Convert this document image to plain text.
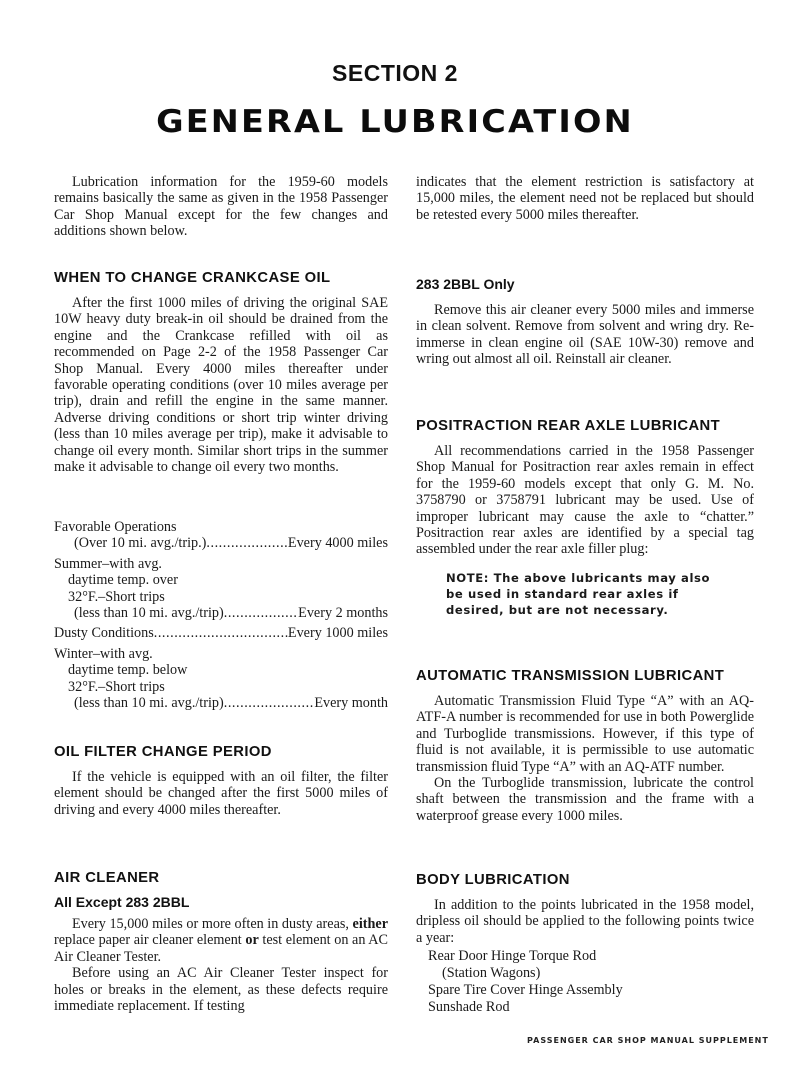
SECTION 2
GENERAL LUBRICATION

Lubrication information for the 1959-60 models remains basically the same as given in the 1958 Passenger Car Shop Manual except for the few changes and additions shown below.

WHEN TO CHANGE CRANKCASE OIL

After the first 1000 miles of driving the original SAE 10W heavy duty break-in oil should be drained from the engine and the Crankcase refilled with oil as recommended on Page 2-2 of the 1958 Passenger Car Shop Manual. Every 4000 miles thereafter under favorable operating conditions (over 10 miles average per trip), drain and refill the engine in the same manner. Adverse driving conditions or short trip winter driving (less than 10 miles average per trip), make it advisable to change oil every month. Similar short trips in the summer make it advisable to change oil every two months.

Favorable Operations
(Over 10 mi. avg./trip.) . . .	Every 4000 miles
Summer–with avg.
daytime temp. over
32°F.–Short trips
(less than 10 mi. avg./trip) . . .	Every 2 months
Dusty Conditions . . .	Every 1000 miles
Winter–with avg.
daytime temp. below
32°F.–Short trips
(less than 10 mi. avg./trip) . . .	Every month
OIL FILTER CHANGE PERIOD

If the vehicle is equipped with an oil filter, the filter element should be changed after the first 5000 miles of driving and every 4000 miles thereafter.

AIR CLEANER
All Except 283 2BBL

Every 15,000 miles or more often in dusty areas, either replace paper air cleaner element or test element on an AC Air Cleaner Tester.

Before using an AC Air Cleaner Tester inspect for holes or breaks in the element, as these defects require immediate replacement. If testing

indicates that the element restriction is satisfactory at 15,000 miles, the element need not be replaced but should be retested every 5000 miles thereafter.

283 2BBL Only

Remove this air cleaner every 5000 miles and immerse in clean solvent. Remove from solvent and wring dry. Re-immerse in clean engine oil (SAE 10W-30) remove and wring out almost all oil. Reinstall air cleaner.

POSITRACTION REAR AXLE LUBRICANT

All recommendations carried in the 1958 Passenger Shop Manual for Positraction rear axles remain in effect for the 1959-60 models except that only G. M. No. 3758790 or 3758791 lubricant may be used. Use of improper lubricant may cause the axle to “chatter.” Positraction rear axles are identified by a special tag assembled under the rear axle filler plug:

NOTE: The above lubricants may also be used in standard rear axles if desired, but are not necessary.

AUTOMATIC TRANSMISSION LUBRICANT

Automatic Transmission Fluid Type “A” with an AQ-ATF-A number is recommended for use in both Powerglide and Turboglide transmissions. However, if this type of fluid is not available, it is permissible to use automatic transmission fluid Type “A” with an AQ-ATF number.

On the Turboglide transmission, lubricate the control shaft between the transmission and the frame with a waterproof grease every 1000 miles.

BODY LUBRICATION

In addition to the points lubricated in the 1958 model, dripless oil should be applied to the following points twice a year:

Rear Door Hinge Torque Rod
(Station Wagons)
Spare Tire Cover Hinge Assembly
Sunshade Rod
PASSENGER CAR SHOP MANUAL SUPPLEMENT
